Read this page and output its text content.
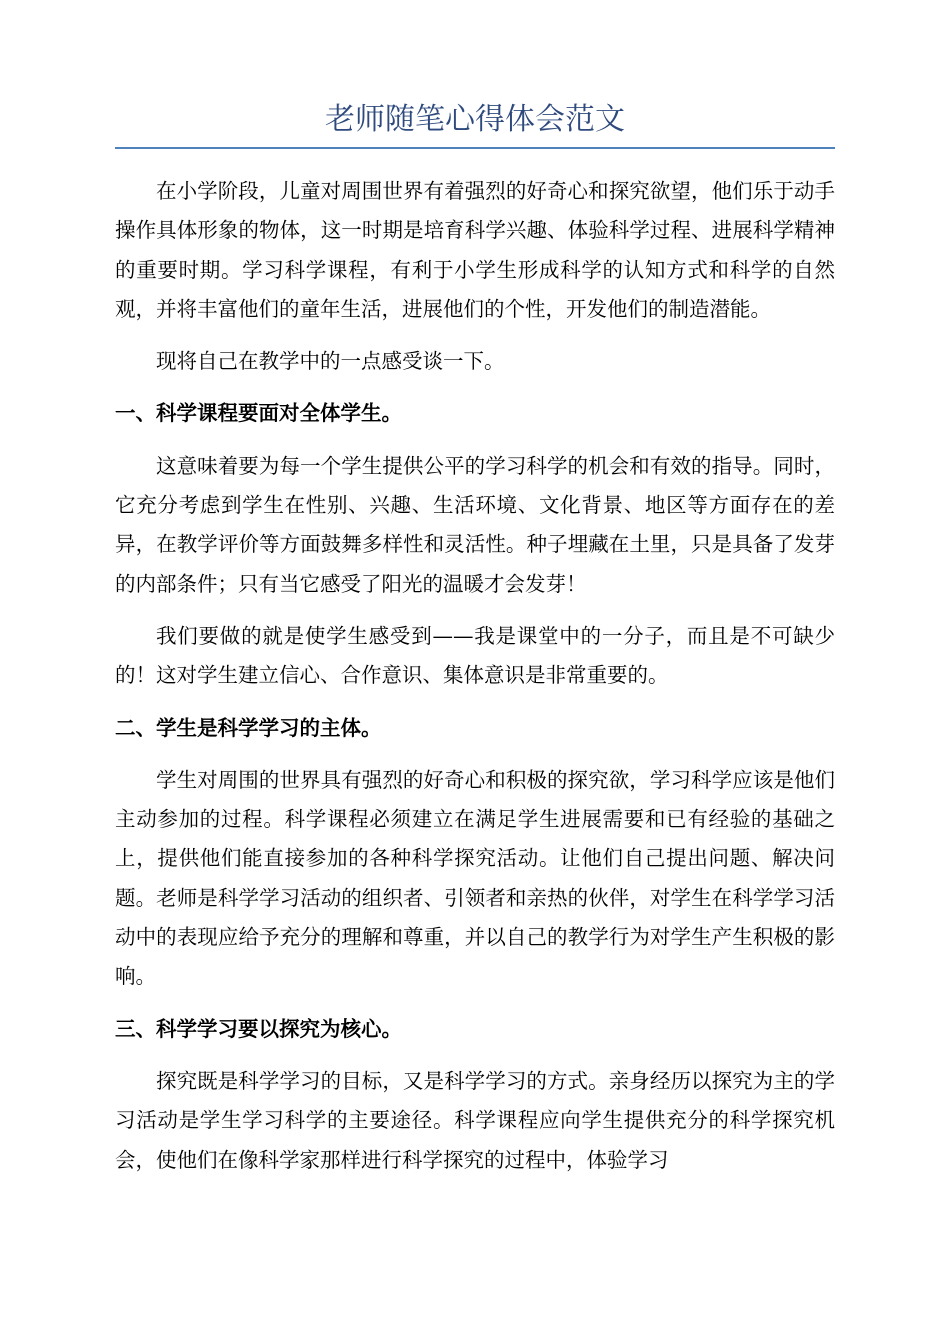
老师随笔心得体会范文

在小学阶段，儿童对周围世界有着强烈的好奇心和探究欲望，他们乐于动手操作具体形象的物体，这一时期是培育科学兴趣、体验科学过程、进展科学精神的重要时期。学习科学课程，有利于小学生形成科学的认知方式和科学的自然观，并将丰富他们的童年生活，进展他们的个性，开发他们的制造潜能。

现将自己在教学中的一点感受谈一下。

一、科学课程要面对全体学生。

这意味着要为每一个学生提供公平的学习科学的机会和有效的指导。同时，它充分考虑到学生在性别、兴趣、生活环境、文化背景、地区等方面存在的差异，在教学评价等方面鼓舞多样性和灵活性。种子埋藏在土里，只是具备了发芽的内部条件；只有当它感受了阳光的温暖才会发芽！

我们要做的就是使学生感受到——我是课堂中的一分子，而且是不可缺少的！这对学生建立信心、合作意识、集体意识是非常重要的。

二、学生是科学学习的主体。

学生对周围的世界具有强烈的好奇心和积极的探究欲，学习科学应该是他们主动参加的过程。科学课程必须建立在满足学生进展需要和已有经验的基础之上，提供他们能直接参加的各种科学探究活动。让他们自己提出问题、解决问题。老师是科学学习活动的组织者、引领者和亲热的伙伴，对学生在科学学习活动中的表现应给予充分的理解和尊重，并以自己的教学行为对学生产生积极的影响。

三、科学学习要以探究为核心。

探究既是科学学习的目标，又是科学学习的方式。亲身经历以探究为主的学习活动是学生学习科学的主要途径。科学课程应向学生提供充分的科学探究机会，使他们在像科学家那样进行科学探究的过程中，体验学习
